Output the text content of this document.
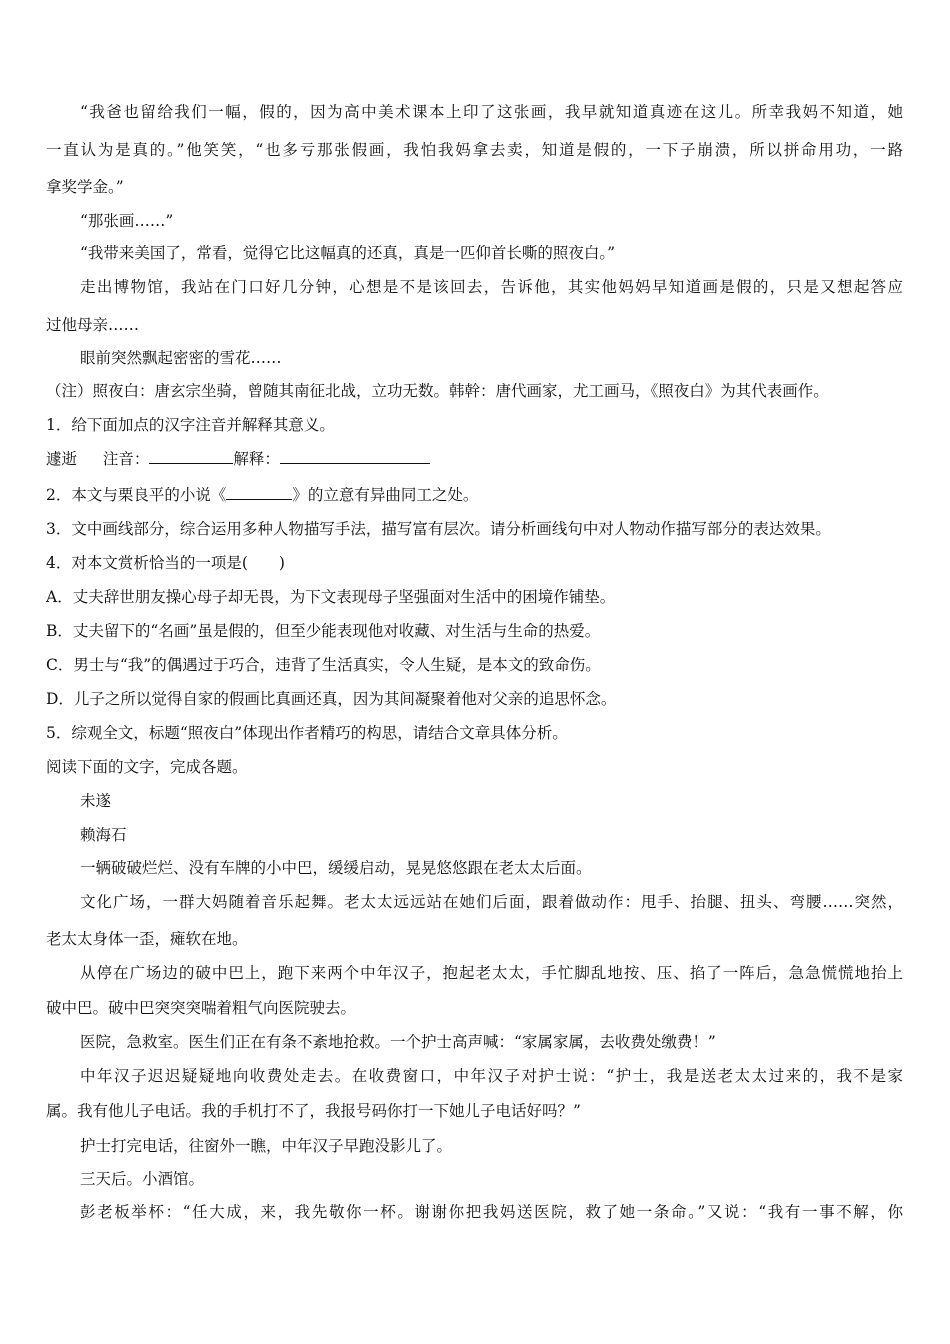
“我爸也留给我们一幅，假的，因为高中美术课本上印了这张画，我早就知道真迹在这儿。所幸我妈不知道，她
一直认为是真的。”他笑笑，“也多亏那张假画，我怕我妈拿去卖，知道是假的，一下子崩溃，所以拼命用功，一路
拿奖学金。”
“那张画……”
“我带来美国了，常看，觉得它比这幅真的还真，真是一匹仰首长嘶的照夜白。”
走出博物馆，我站在门口好几分钟，心想是不是该回去，告诉他，其实他妈妈早知道画是假的，只是又想起答应
过他母亲……
眼前突然飘起密密的雪花……
（注）照夜白：唐玄宗坐骑，曾随其南征北战，立功无数。韩幹：唐代画家，尤工画马，《照夜白》为其代表画作。
1．给下面加点的汉字注音并解释其意义。
遽逝 注音：	解释：
2．本文与栗良平的小说《	》的立意有异曲同工之处。
3．文中画线部分，综合运用多种人物描写手法，描写富有层次。请分析画线句中对人物动作描写部分的表达效果。
4．对本文赏析恰当的一项是(　　)
A．丈夫辞世朋友操心母子却无畏，为下文表现母子坚强面对生活中的困境作铺垫。
B．丈夫留下的“名画”虽是假的，但至少能表现他对收藏、对生活与生命的热爱。
C．男士与“我”的偶遇过于巧合，违背了生活真实，令人生疑，是本文的致命伤。
D．儿子之所以觉得自家的假画比真画还真，因为其间凝聚着他对父亲的追思怀念。
5．综观全文，标题“照夜白”体现出作者精巧的构思，请结合文章具体分析。
阅读下面的文字，完成各题。
未遂
赖海石
一辆破破烂烂、没有车牌的小中巴，缓缓启动，晃晃悠悠跟在老太太后面。
文化广场，一群大妈随着音乐起舞。老太太远远站在她们后面，跟着做动作：甩手、抬腿、扭头、弯腰……突然，
老太太身体一歪，瘫软在地。
从停在广场边的破中巴上，跑下来两个中年汉子，抱起老太太，手忙脚乱地按、压、掐了一阵后，急急慌慌地抬上
破中巴。破中巴突突突喘着粗气向医院驶去。
医院，急救室。医生们正在有条不紊地抢救。一个护士高声喊：“家属家属，去收费处缴费！”
中年汉子迟迟疑疑地向收费处走去。在收费窗口，中年汉子对护士说：“护士，我是送老太太过来的，我不是家
属。我有他儿子电话。我的手机打不了，我报号码你打一下她儿子电话好吗？”
护士打完电话，往窗外一瞧，中年汉子早跑没影儿了。
三天后。小酒馆。
彭老板举杯：“任大成，来，我先敬你一杯。谢谢你把我妈送医院，救了她一条命。”又说：“我有一事不解，你
